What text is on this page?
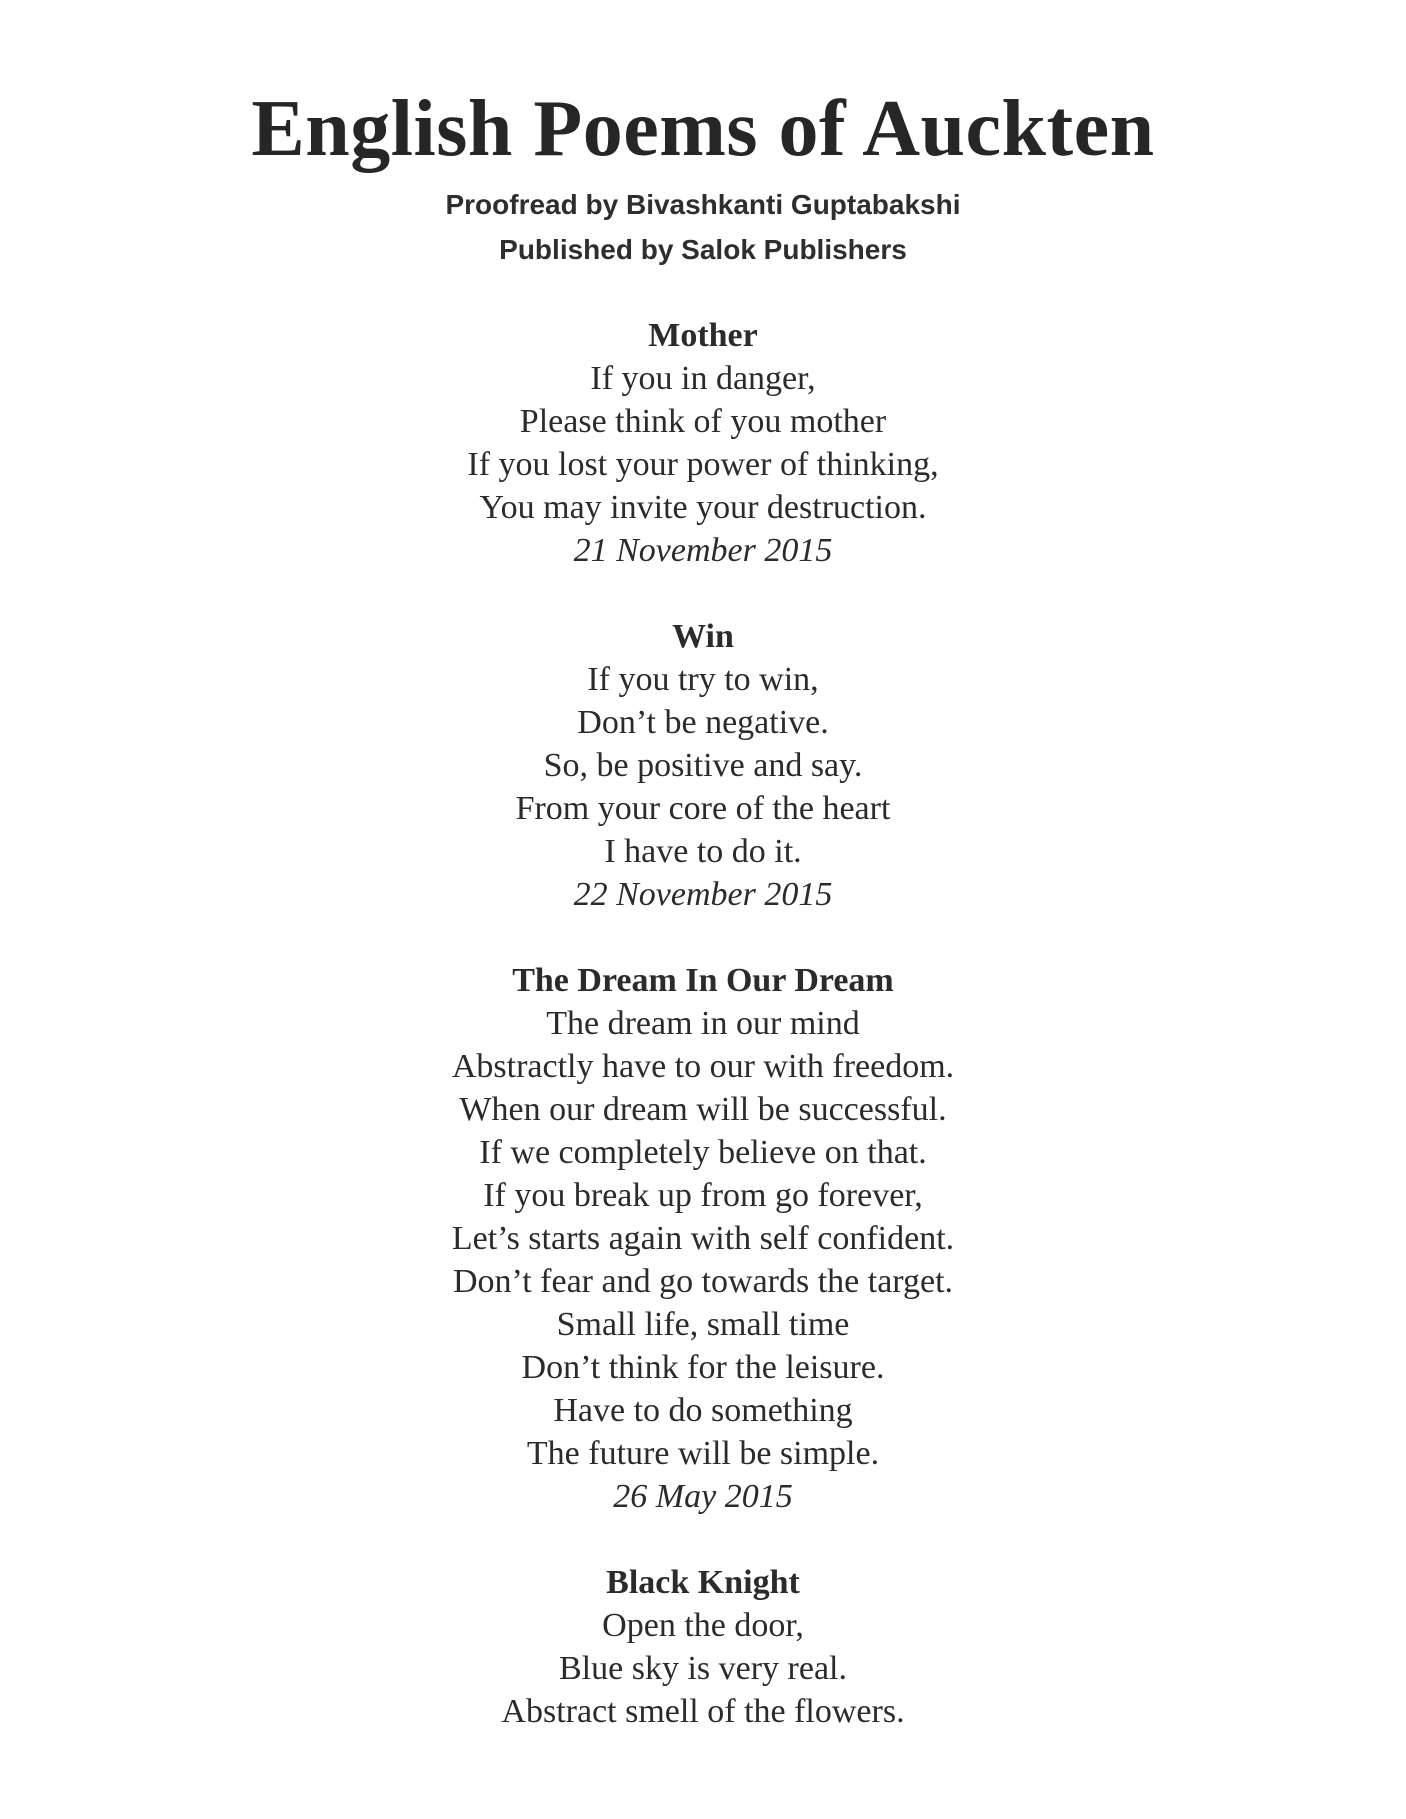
English Poems of Auckten

Proofread by Bivashkanti Guptabakshi

Published by Salok Publishers

Mother

If you in danger,

Please think of you mother

If you lost your power of thinking,

You may invite your destruction.

21 November 2015

Win

If you try to win,

Don’t be negative.

So, be positive and say.

From your core of the heart

I have to do it.

22 November 2015

The Dream In Our Dream

The dream in our mind

Abstractly have to our with freedom.

When our dream will be successful.

If we completely believe on that.

If you break up from go forever,

Let’s starts again with self confident.

Don’t fear and go towards the target.

Small life, small time

Don’t think for the leisure.

Have to do something

The future will be simple.

26 May 2015

Black Knight

Open the door,

Blue sky is very real.

Abstract smell of the flowers.
